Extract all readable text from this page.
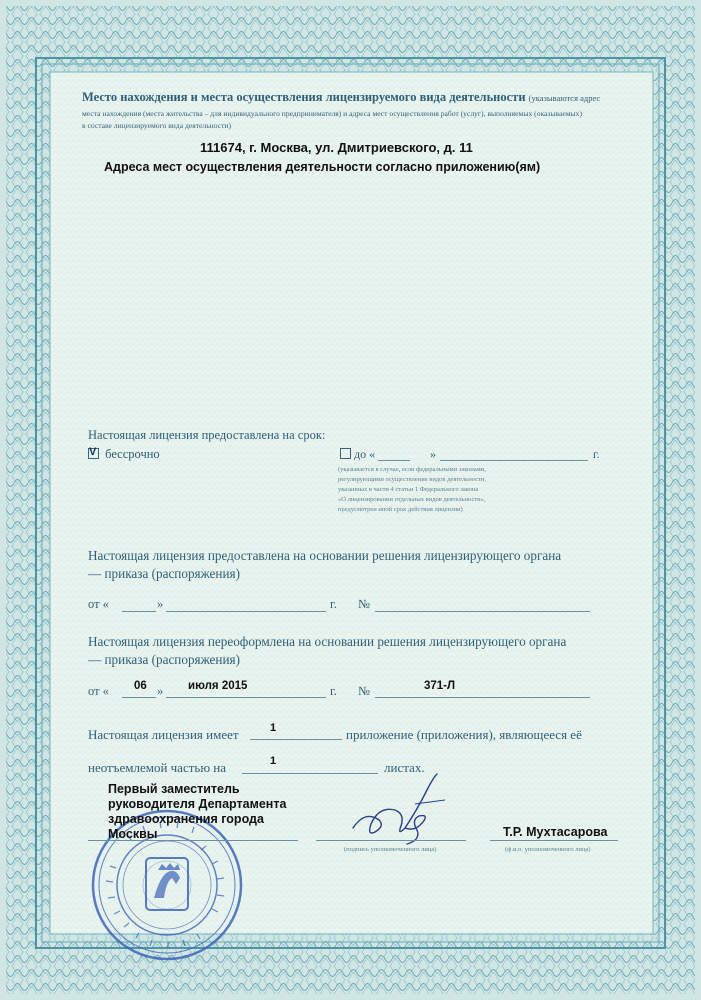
Место нахождения и места осуществления лицензируемого вида деятельности (указываются адрес
места нахождения (места жительства – для индивидуального предпринимателя) и адреса мест осуществления работ (услуг), выполняемых (оказываемых)
в составе лицензируемого вида деятельности)
111674, г. Москва, ул. Дмитриевского, д. 11
Адреса мест осуществления деятельности согласно приложению(ям)
Настоящая лицензия предоставлена на срок:
V бессрочно	до «	»	г.
(указывается в случае, если федеральными законами,
регулирующими осуществление видов деятельности,
указанных в части 4 статьи 1 Федерального закона
«О лицензировании отдельных видов деятельности»,
предусмотрен иной срок действия лицензии)
Настоящая лицензия предоставлена на основании решения лицензирующего органа
— приказа (распоряжения)
от «	»	г. №
Настоящая лицензия переоформлена на основании решения лицензирующего органа
— приказа (распоряжения)
от « 06 » июля 2015	г. №	371-Л
Настоящая лицензия имеет	1	приложение (приложения), являющееся её
неотъемлемой частью на	1	листах.
Первый заместитель
руководителя Департамента
здравоохранения города
Москвы
(подпись уполномоченного лица)
Т.Р. Мухтасарова
(ф.и.о. уполномоченного лица)
